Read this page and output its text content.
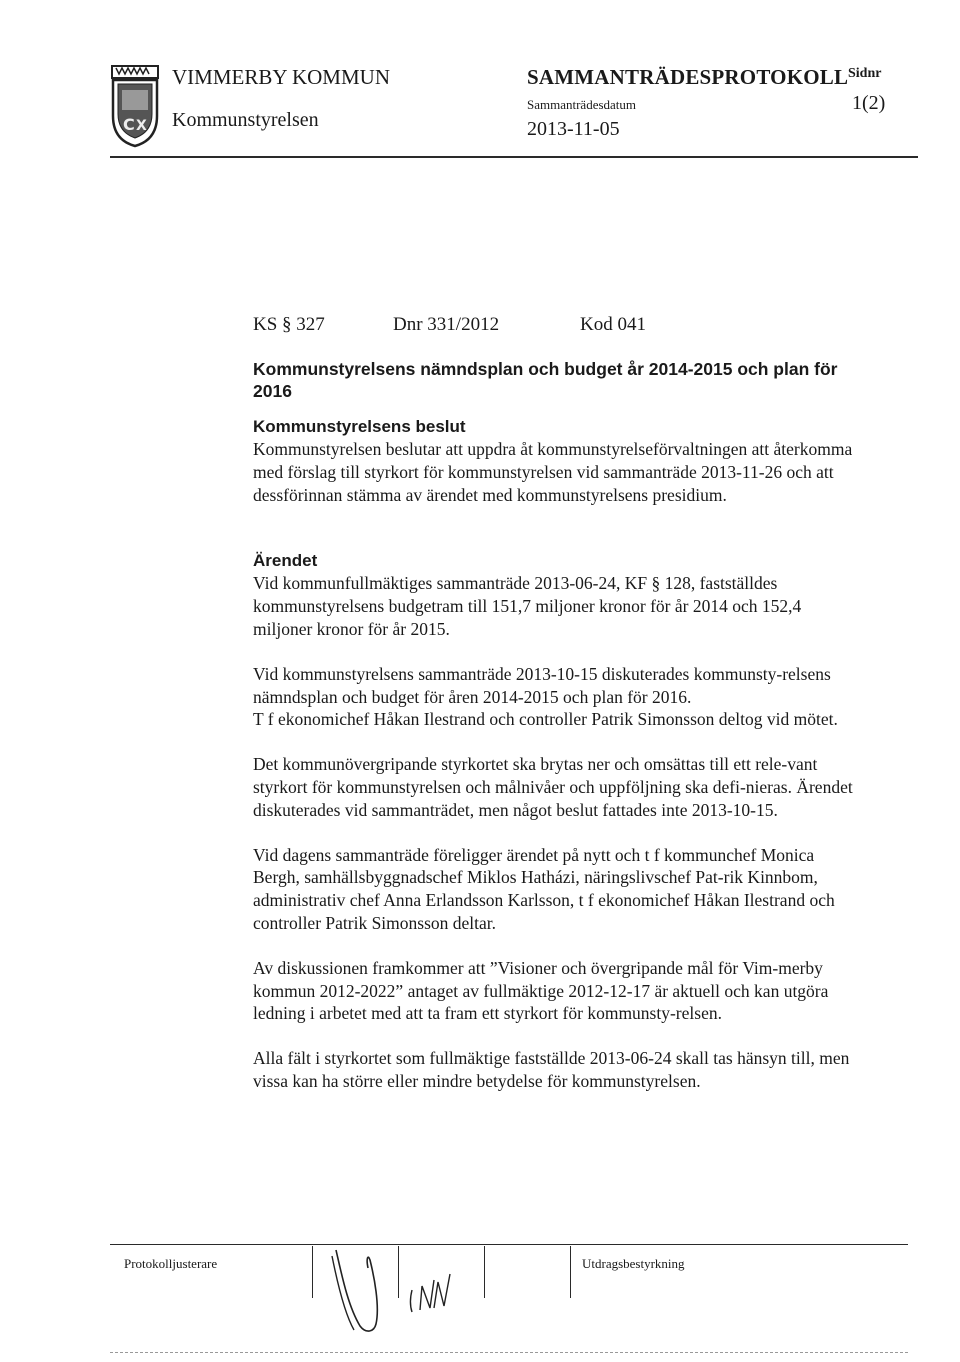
C X
VIMMERBY KOMMUN
Kommunstyrelsen
SAMMANTRÄDESPROTOKOLL
Sammanträdesdatum
2013-11-05
Sidnr
1(2)
KS § 327	Dnr 331/2012	Kod 041
Kommunstyrelsens nämndsplan och budget år 2014-2015 och plan för 2016
Kommunstyrelsens beslut

Kommunstyrelsen beslutar att uppdra åt kommunstyrelseförvaltningen att återkomma med förslag till styrkort för kommunstyrelsen vid sammanträde 2013-11-26 och att dessförinnan stämma av ärendet med kommunstyrelsens presidium.

Ärendet

Vid kommunfullmäktiges sammanträde 2013-06-24, KF § 128, fastställdes kommunstyrelsens budgetram till 151,7 miljoner kronor för år 2014 och 152,4 miljoner kronor för år 2015.

Vid kommunstyrelsens sammanträde 2013-10-15 diskuterades kommunsty-relsens nämndsplan och budget för åren 2014-2015 och plan för 2016.

T f ekonomichef Håkan Ilestrand och controller Patrik Simonsson deltog vid mötet.

Det kommunövergripande styrkortet ska brytas ner och omsättas till ett rele-vant styrkort för kommunstyrelsen och målnivåer och uppföljning ska defi-nieras. Ärendet diskuterades vid sammanträdet, men något beslut fattades inte 2013-10-15.

Vid dagens sammanträde föreligger ärendet på nytt och t f kommunchef Monica Bergh, samhällsbyggnadschef Miklos Hatházi, näringslivschef Pat-rik Kinnbom, administrativ chef Anna Erlandsson Karlsson, t f ekonomichef Håkan Ilestrand och controller Patrik Simonsson deltar.

Av diskussionen framkommer att ”Visioner och övergripande mål för Vim-merby kommun 2012-2022” antaget av fullmäktige 2012-12-17 är aktuell och kan utgöra ledning i arbetet med att ta fram ett styrkort för kommunsty-relsen.

Alla fält i styrkortet som fullmäktige fastställde 2013-06-24 skall tas hänsyn till, men vissa kan ha större eller mindre betydelse för kommunstyrelsen.

Protokolljusterare	Utdragsbestyrkning
